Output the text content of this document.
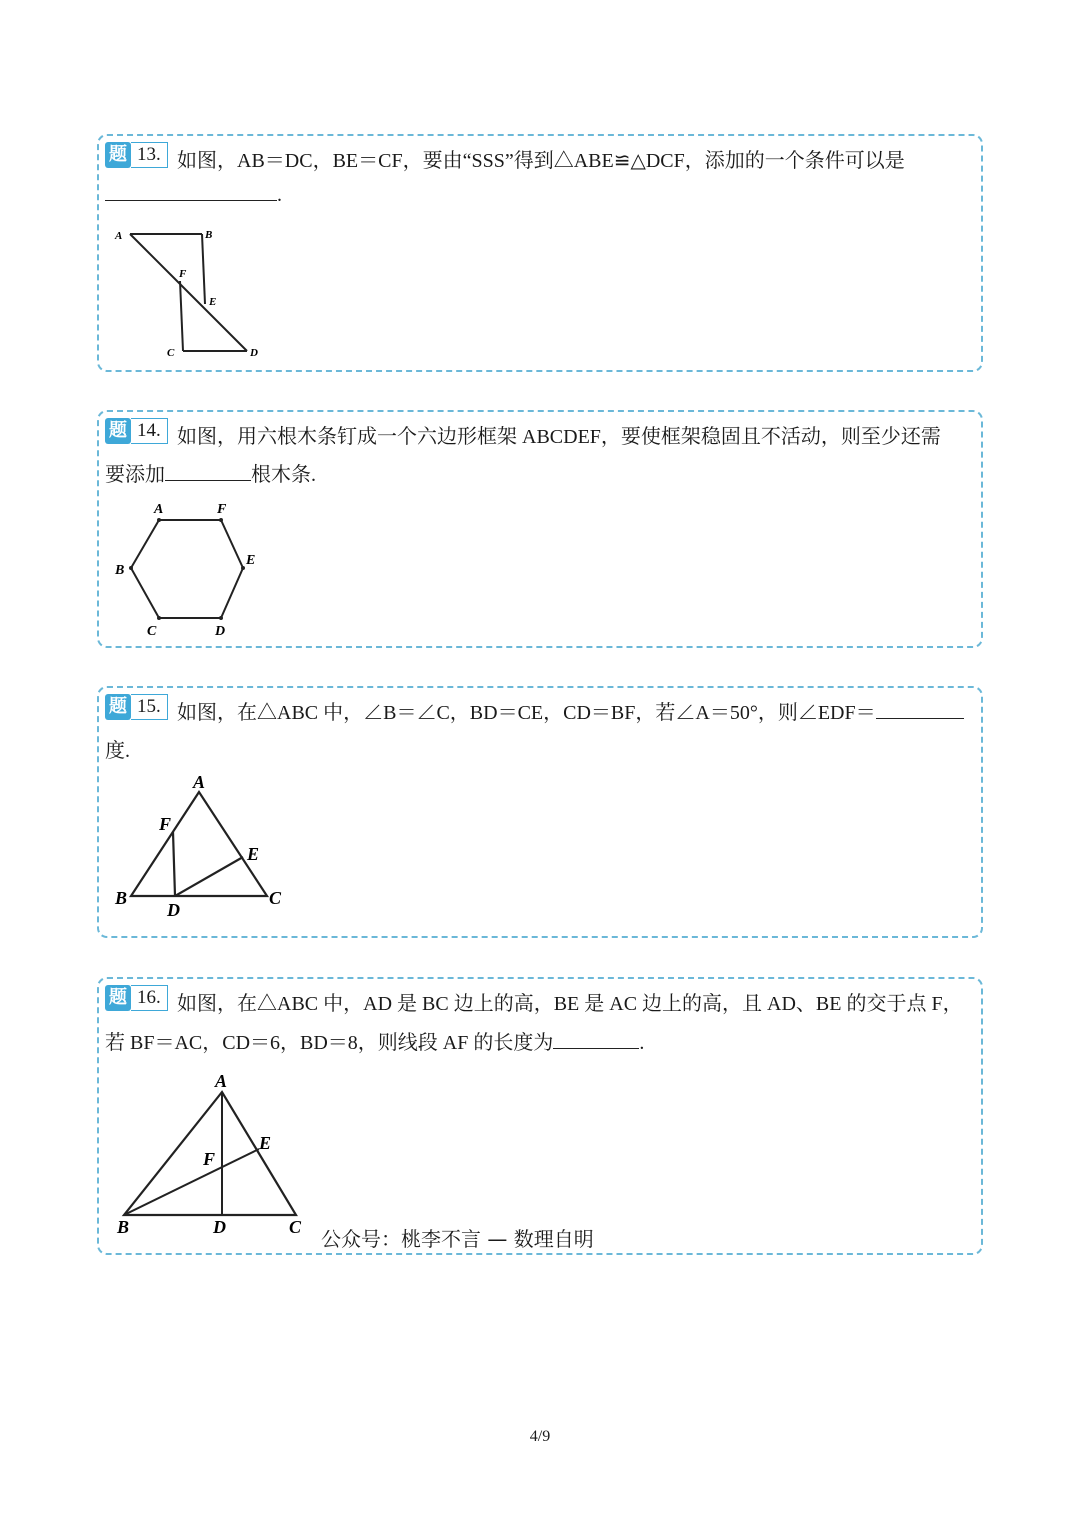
题 13. 如图，AB＝DC，BE＝CF，要由“SSS”得到△ABE≌△DCF，添加的一个条件可以是
.
A	B
F
E
C	D
题 14. 如图，用六根木条钉成一个六边形框架 ABCDEF，要使框架稳固且不活动，则至少还需
要添加	根木条.
A	F
B
E
C	D
题 15. 如图，在△ABC 中，∠B＝∠C，BD＝CE，CD＝BF，若∠A＝50°，则∠EDF＝
度.
A
F
E
B
D
C
题 16. 如图，在△ABC 中，AD 是 BC 边上的高，BE 是 AC 边上的高，且 AD、BE 的交于点 F，
若 BF＝AC，CD＝6，BD＝8，则线段 AF 的长度为	.
A
E
F
B	D	C 公众号：桃李不言 — 数理自明
4/9
